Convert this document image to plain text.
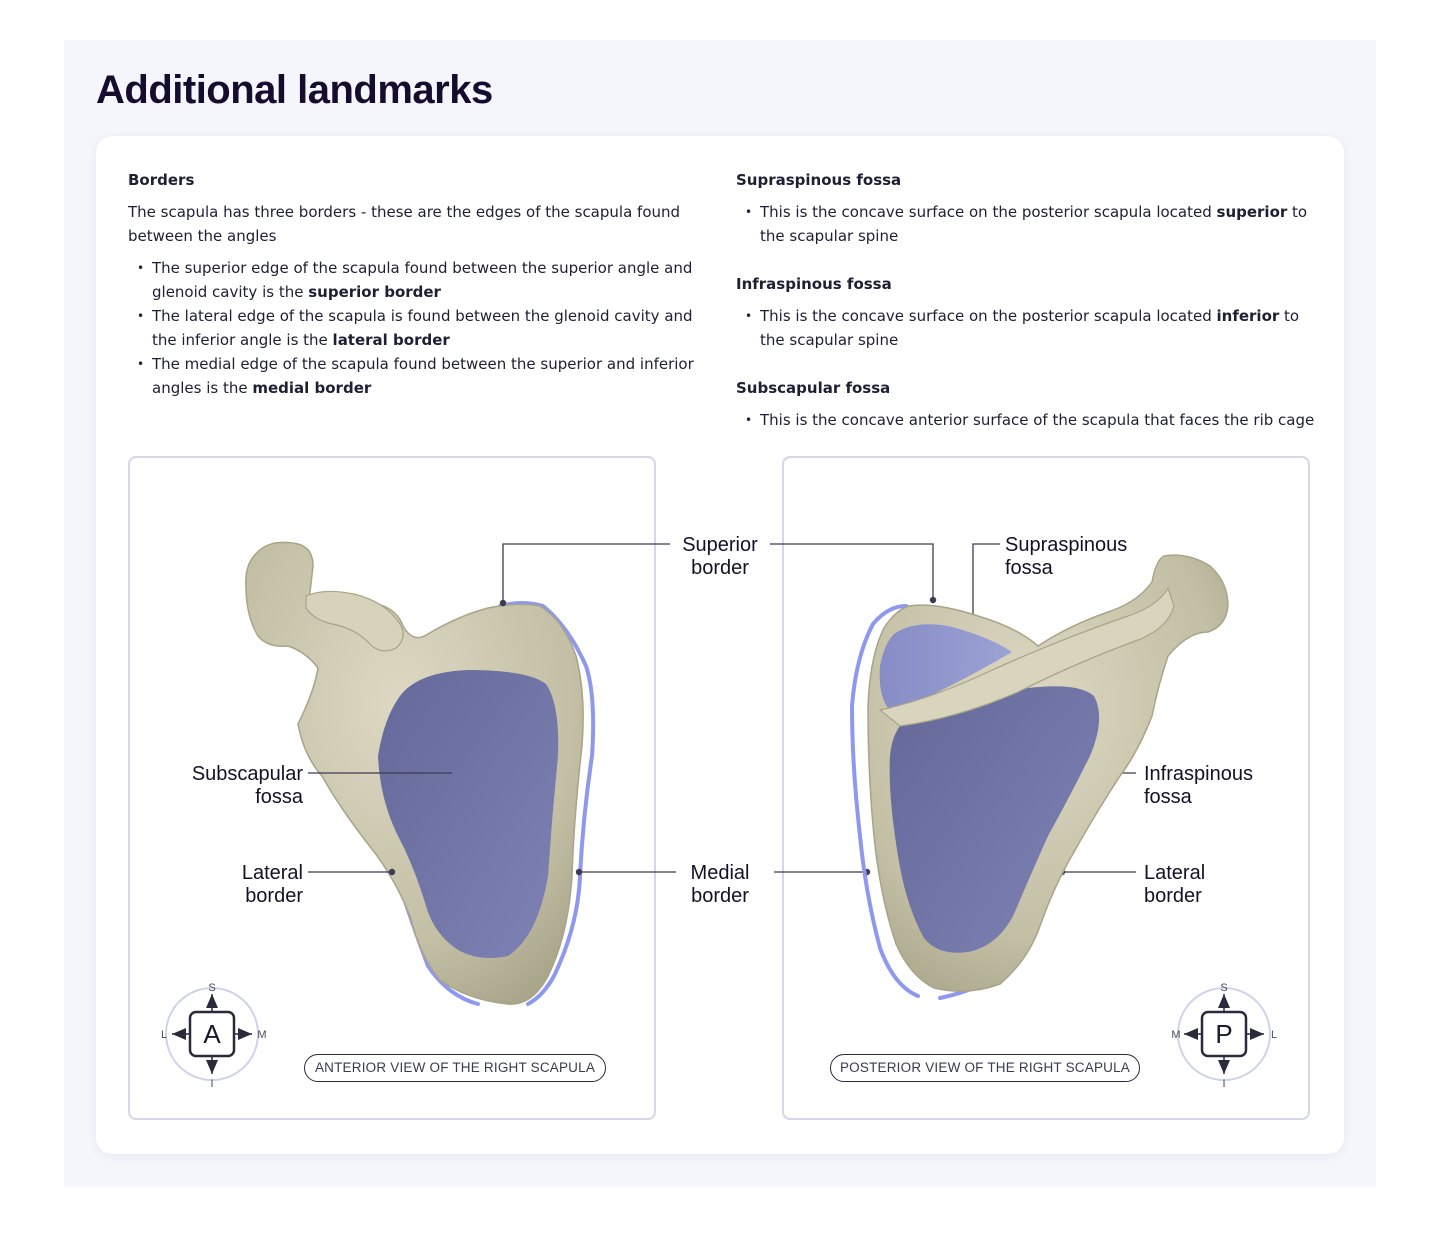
Additional landmarks
Borders

The scapula has three borders - these are the edges of the scapula found between the angles

• The superior edge of the scapula found between the superior angle and glenoid cavity is the superior border
• The lateral edge of the scapula is found between the glenoid cavity and the inferior angle is the lateral border
• The medial edge of the scapula found between the superior and inferior angles is the medial border
Supraspinous fossa
• This is the concave surface on the posterior scapula located superior to the scapular spine
Infraspinous fossa
• This is the concave surface on the posterior scapula located inferior to the scapular spine
Subscapular fossa
• This is the concave anterior surface of the scapula that faces the rib cage
Superior
border
Supraspinous
fossa
Subscapular
fossa
Infraspinous
fossa
Lateral
border
Medial
border
Lateral
border
ANTERIOR VIEW OF THE RIGHT SCAPULA	POSTERIOR VIEW OF THE RIGHT SCAPULA
A
S
I
L	M	P
S
I
M	L
